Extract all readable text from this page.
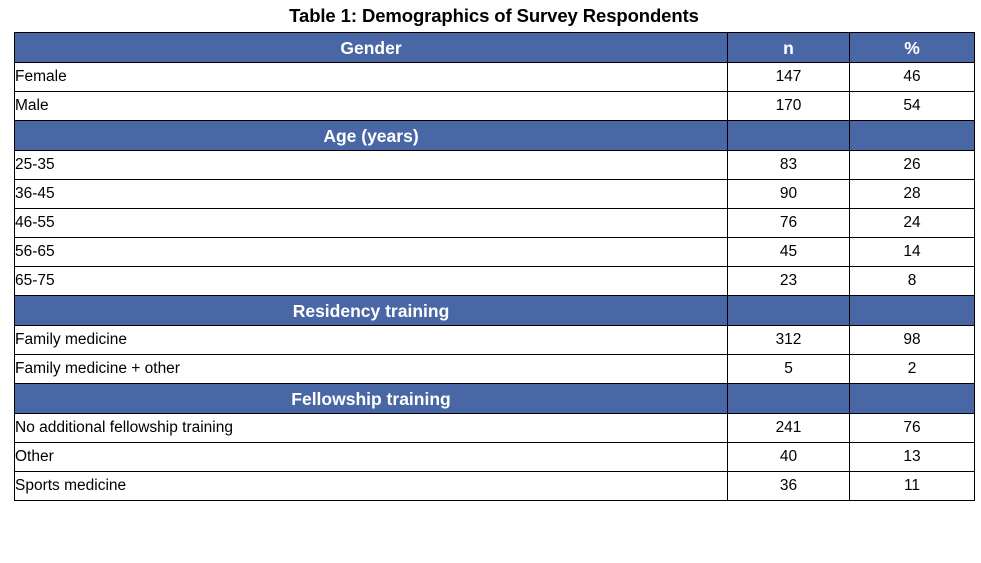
Table 1: Demographics of Survey Respondents
Gender	n	%
Female	147	46
Male	170	54
Age (years)		
25-35	83	26
36-45	90	28
46-55	76	24
56-65	45	14
65-75	23	8
Residency training		
Family medicine	312	98
Family medicine + other	5	2
Fellowship training		
No additional fellowship training	241	76
Other	40	13
Sports medicine	36	11
